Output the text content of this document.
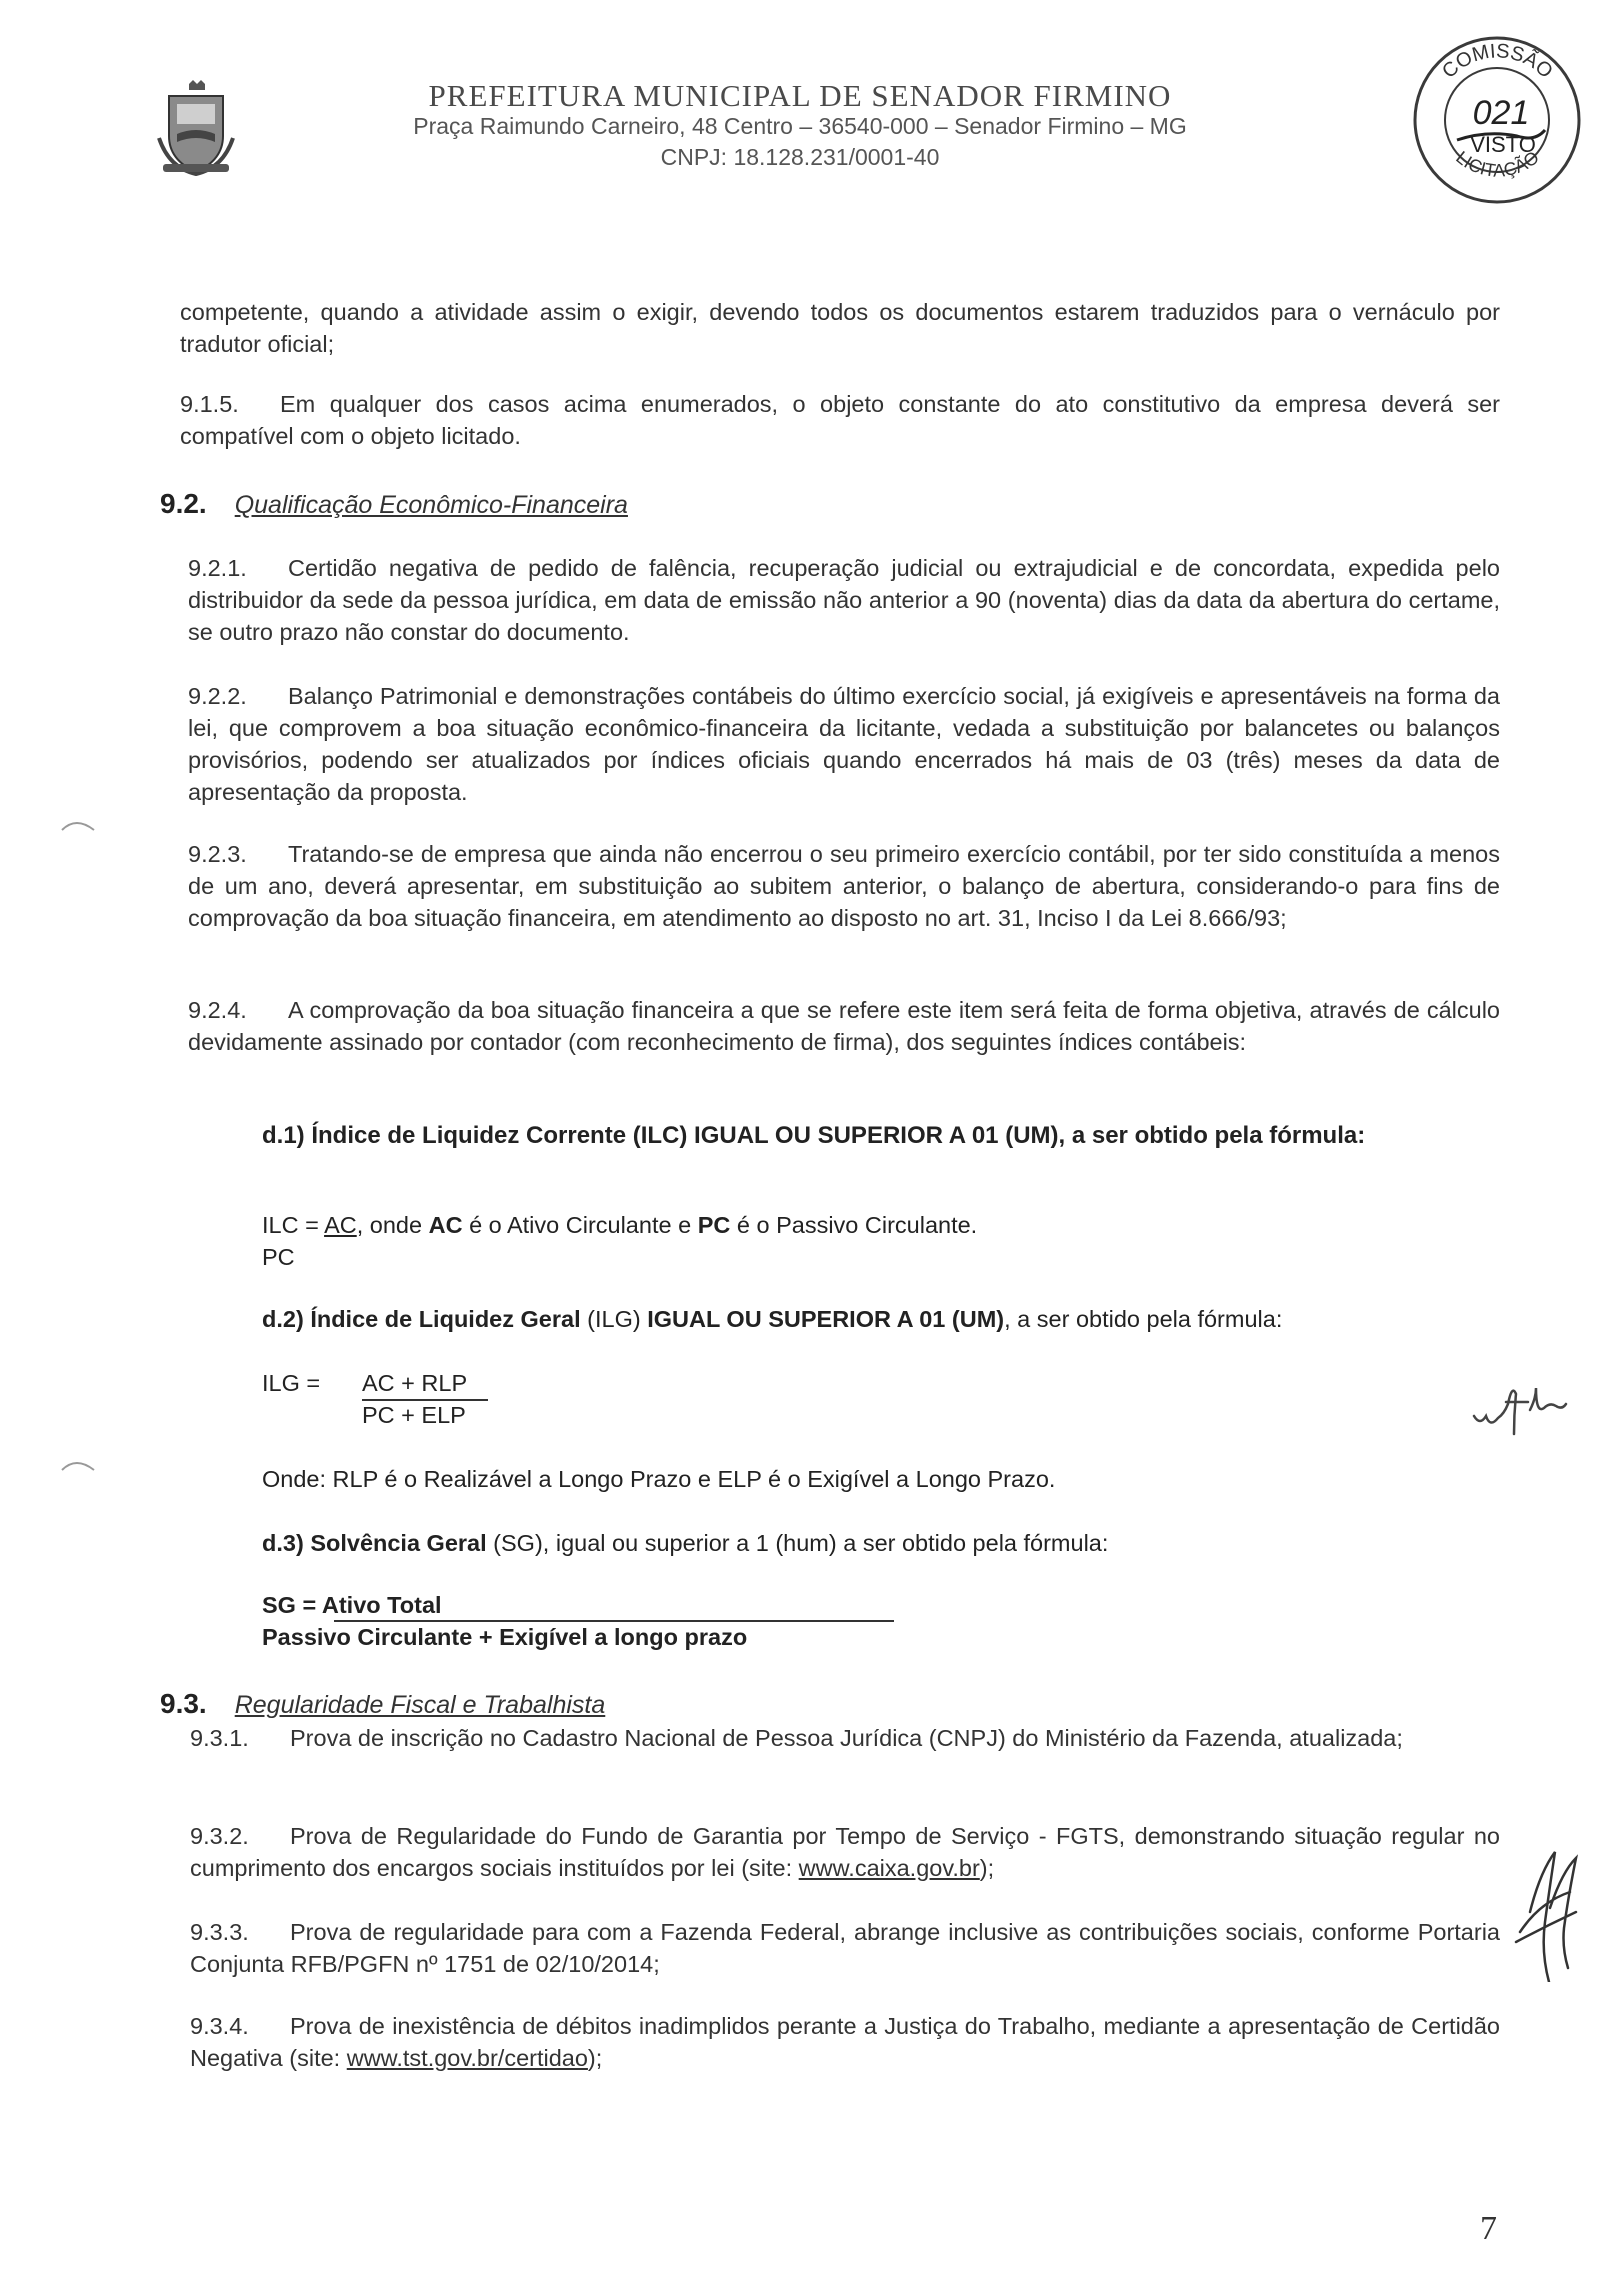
PREFEITURA MUNICIPAL DE SENADOR FIRMINO
Praça Raimundo Carneiro, 48 Centro – 36540-000 – Senador Firmino – MG
CNPJ: 18.128.231/0001-40
COMISSÃO
LICITAÇÃO
021
VISTO
competente, quando a atividade assim o exigir, devendo todos os documentos estarem traduzidos para o vernáculo por tradutor oficial;
9.1.5. Em qualquer dos casos acima enumerados, o objeto constante do ato constitutivo da empresa deverá ser compatível com o objeto licitado.
9.2. Qualificação Econômico-Financeira
9.2.1. Certidão negativa de pedido de falência, recuperação judicial ou extrajudicial e de concordata, expedida pelo distribuidor da sede da pessoa jurídica, em data de emissão não anterior a 90 (noventa) dias da data da abertura do certame, se outro prazo não constar do documento.
9.2.2. Balanço Patrimonial e demonstrações contábeis do último exercício social, já exigíveis e apresentáveis na forma da lei, que comprovem a boa situação econômico-financeira da licitante, vedada a substituição por balancetes ou balanços provisórios, podendo ser atualizados por índices oficiais quando encerrados há mais de 03 (três) meses da data de apresentação da proposta.
9.2.3. Tratando-se de empresa que ainda não encerrou o seu primeiro exercício contábil, por ter sido constituída a menos de um ano, deverá apresentar, em substituição ao subitem anterior, o balanço de abertura, considerando-o para fins de comprovação da boa situação financeira, em atendimento ao disposto no art. 31, Inciso I da Lei 8.666/93;
9.2.4. A comprovação da boa situação financeira a que se refere este item será feita de forma objetiva, através de cálculo devidamente assinado por contador (com reconhecimento de firma), dos seguintes índices contábeis:
d.1) Índice de Liquidez Corrente (ILC) IGUAL OU SUPERIOR A 01 (UM), a ser obtido pela fórmula:
ILC = AC, onde AC é o Ativo Circulante e PC é o Passivo Circulante.
PC
d.2) Índice de Liquidez Geral (ILG) IGUAL OU SUPERIOR A 01 (UM), a ser obtido pela fórmula:
ILG = AC + RLP
PC + ELP
Onde: RLP é o Realizável a Longo Prazo e ELP é o Exigível a Longo Prazo.
d.3) Solvência Geral (SG), igual ou superior a 1 (hum) a ser obtido pela fórmula:
SG = Ativo Total
Passivo Circulante + Exigível a longo prazo
9.3. Regularidade Fiscal e Trabalhista
9.3.1. Prova de inscrição no Cadastro Nacional de Pessoa Jurídica (CNPJ) do Ministério da Fazenda, atualizada;
9.3.2. Prova de Regularidade do Fundo de Garantia por Tempo de Serviço - FGTS, demonstrando situação regular no cumprimento dos encargos sociais instituídos por lei (site: www.caixa.gov.br);
9.3.3. Prova de regularidade para com a Fazenda Federal, abrange inclusive as contribuições sociais, conforme Portaria Conjunta RFB/PGFN nº 1751 de 02/10/2014;
9.3.4. Prova de inexistência de débitos inadimplidos perante a Justiça do Trabalho, mediante a apresentação de Certidão Negativa (site: www.tst.gov.br/certidao);
7
